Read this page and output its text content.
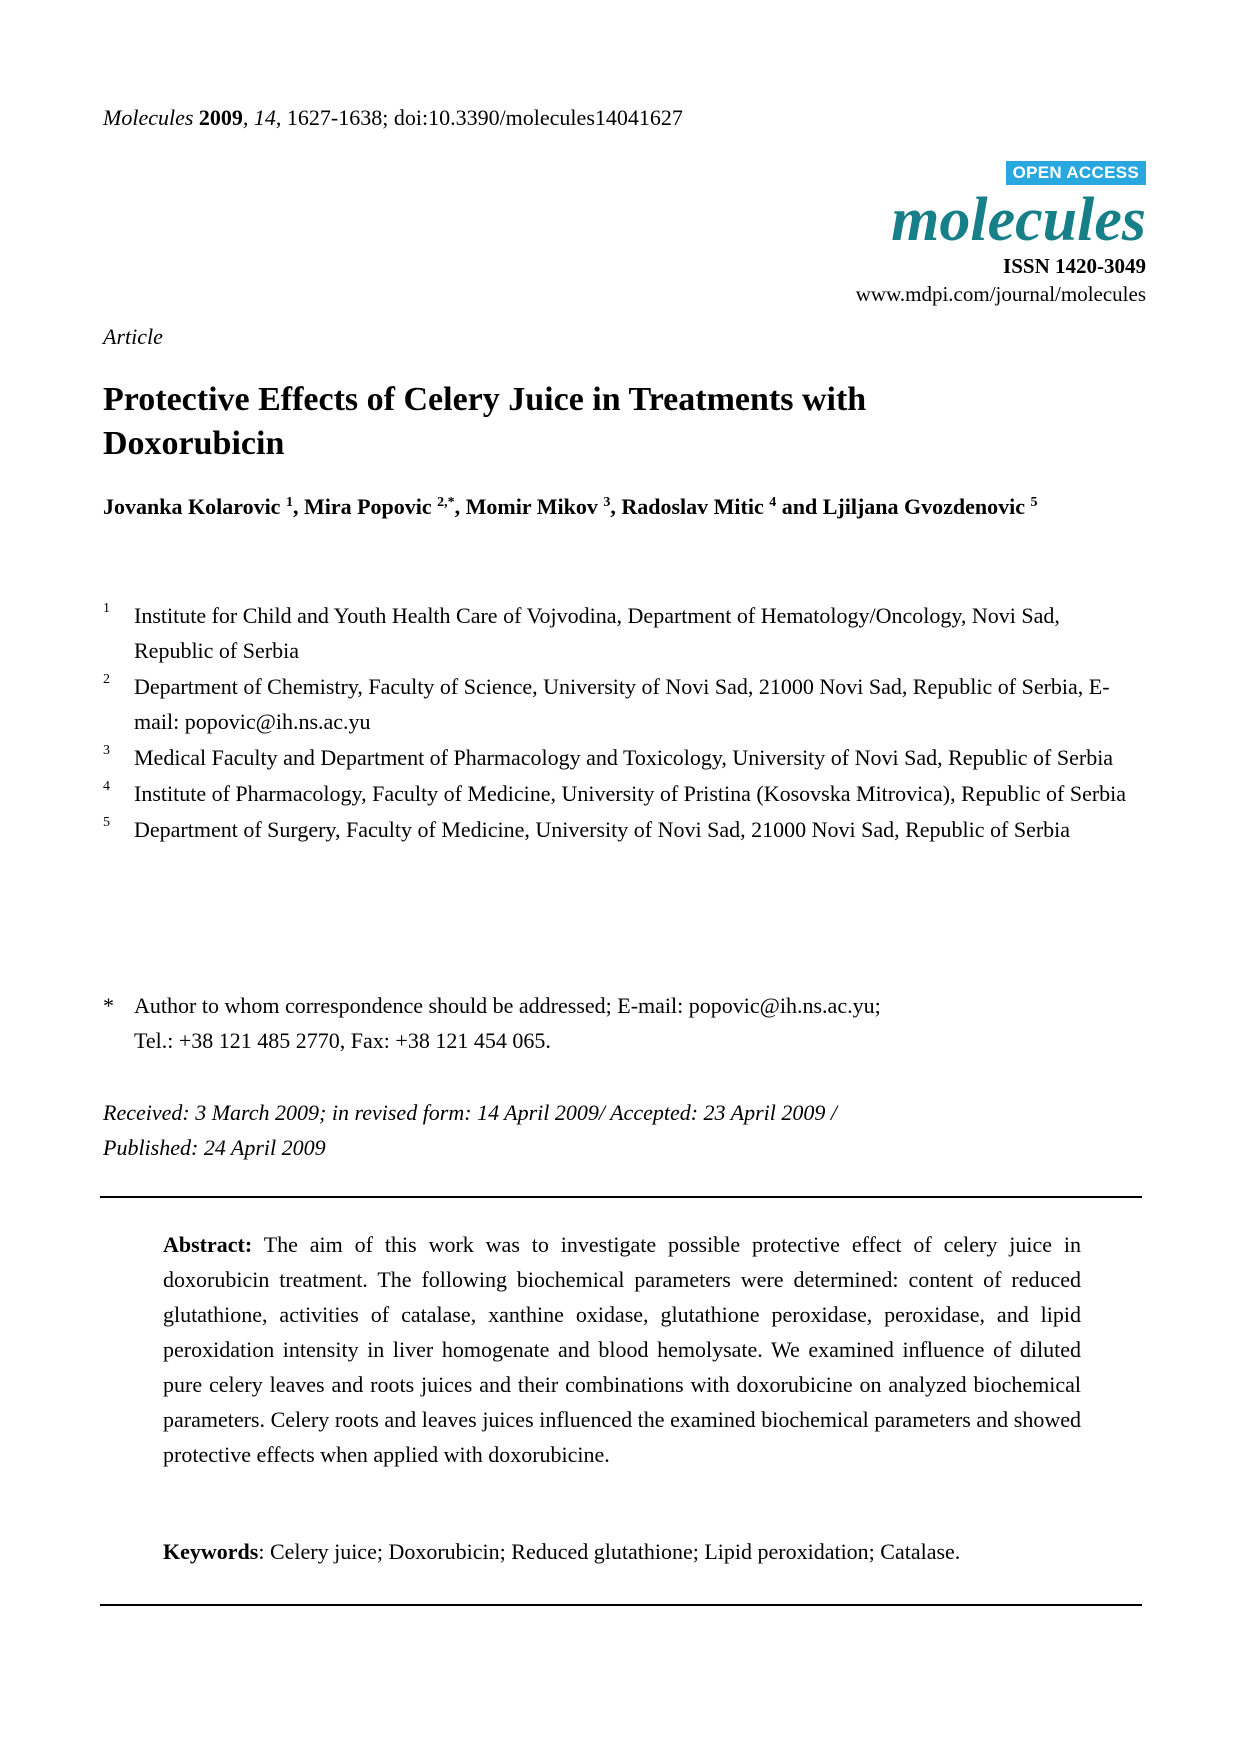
Molecules 2009, 14, 1627-1638; doi:10.3390/molecules14041627
OPEN ACCESS
molecules
ISSN 1420-3049
www.mdpi.com/journal/molecules
Article
Protective Effects of Celery Juice in Treatments with Doxorubicin
Jovanka Kolarovic $^1$, Mira Popovic $^{2,*}$, Momir Mikov $^3$, Radoslav Mitic $^4$ and Ljiljana Gvozdenovic $^5$
1 Institute for Child and Youth Health Care of Vojvodina, Department of Hematology/Oncology, Novi Sad, Republic of Serbia
2 Department of Chemistry, Faculty of Science, University of Novi Sad, 21000 Novi Sad, Republic of Serbia, E-mail: popovic@ih.ns.ac.yu
3 Medical Faculty and Department of Pharmacology and Toxicology, University of Novi Sad, Republic of Serbia
4 Institute of Pharmacology, Faculty of Medicine, University of Pristina (Kosovska Mitrovica), Republic of Serbia
5 Department of Surgery, Faculty of Medicine, University of Novi Sad, 21000 Novi Sad, Republic of Serbia
* Author to whom correspondence should be addressed; E-mail: popovic@ih.ns.ac.yu;
Tel.: +38 121 485 2770, Fax: +38 121 454 065.
Received: 3 March 2009; in revised form: 14 April 2009/ Accepted: 23 April 2009 /
Published: 24 April 2009

Abstract: The aim of this work was to investigate possible protective effect of celery juice in doxorubicin treatment. The following biochemical parameters were determined: content of reduced glutathione, activities of catalase, xanthine oxidase, glutathione peroxidase, peroxidase, and lipid peroxidation intensity in liver homogenate and blood hemolysate. We examined influence of diluted pure celery leaves and roots juices and their combinations with doxorubicine on analyzed biochemical parameters. Celery roots and leaves juices influenced the examined biochemical parameters and showed protective effects when applied with doxorubicine.

Keywords: Celery juice; Doxorubicin; Reduced glutathione; Lipid peroxidation; Catalase.
